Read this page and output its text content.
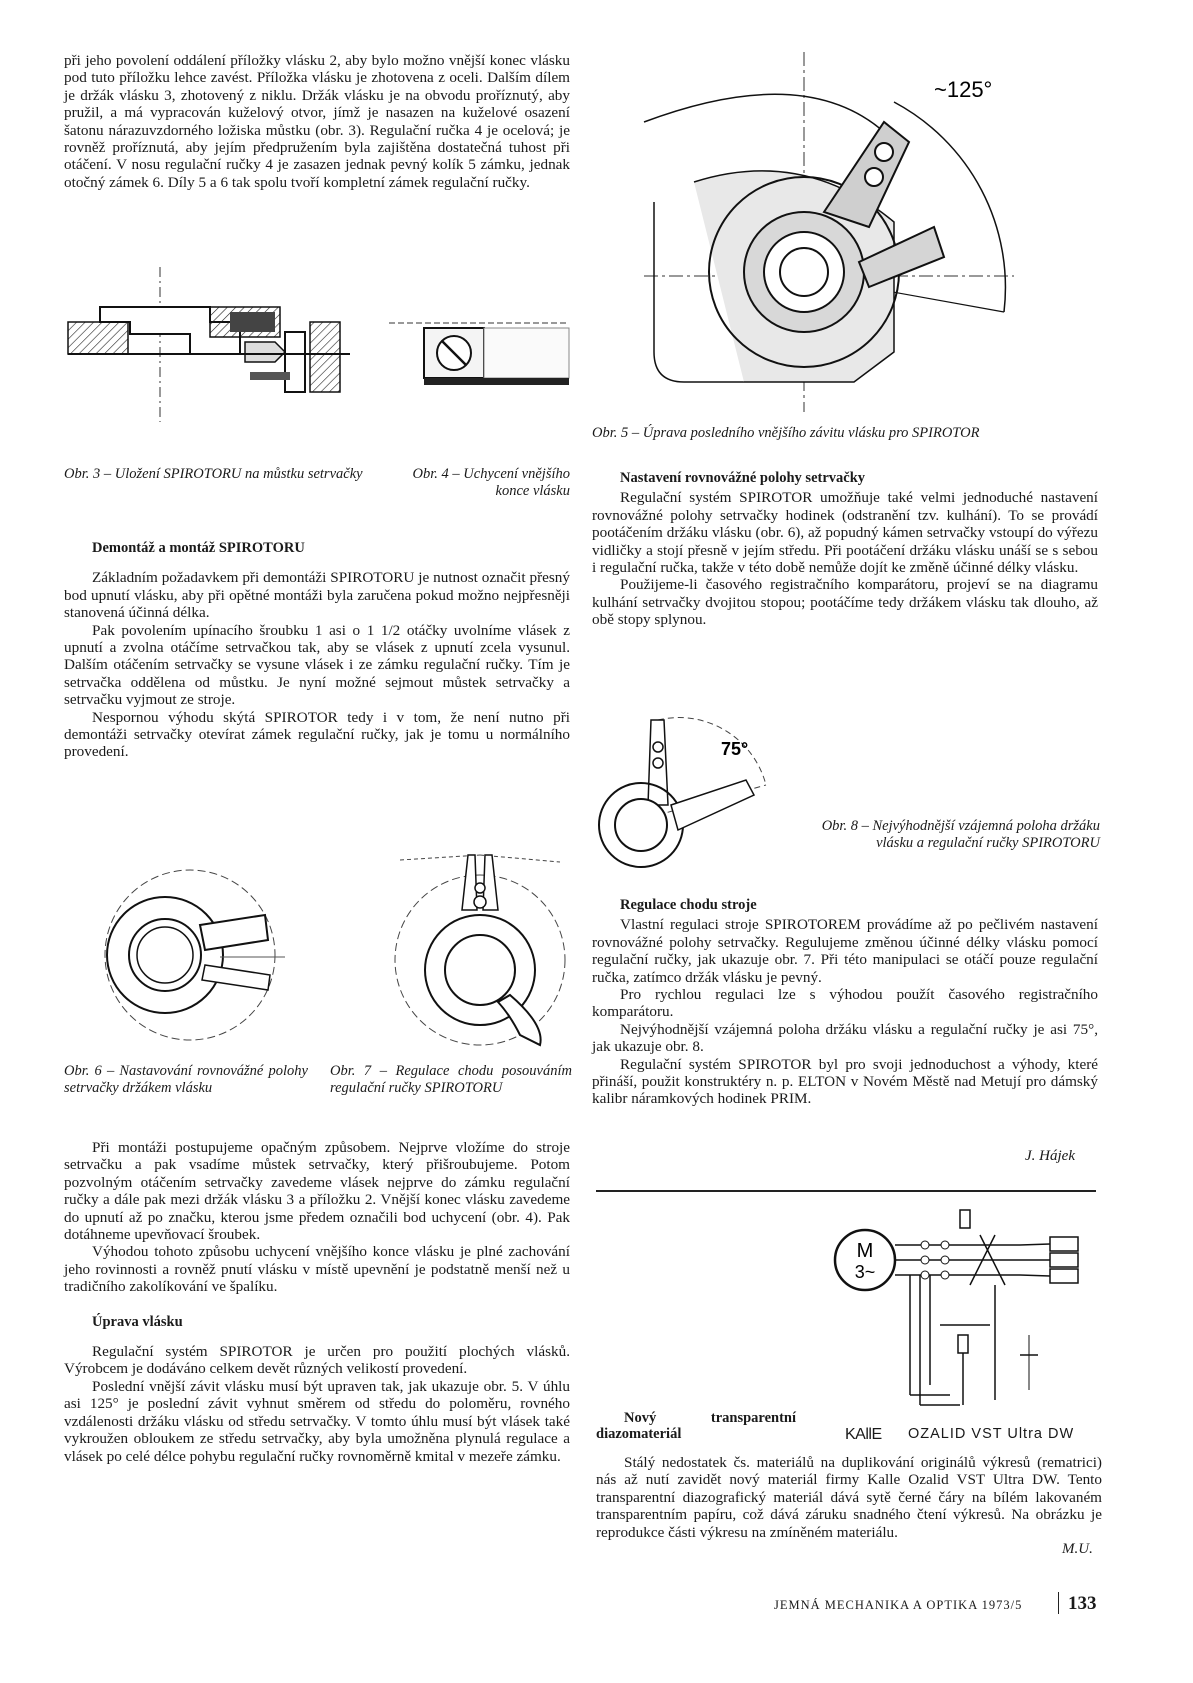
při jeho povolení oddálení příložky vlásku 2, aby bylo možno vnější konec vlásku pod tuto příložku lehce zavést. Příložka vlásku je zhotovena z oceli. Dalším dílem je držák vlásku 3, zhotovený z niklu. Držák vlásku je na obvodu proříznutý, aby pružil, a má vypracován kuželový otvor, jímž je nasazen na kuželové osazení šatonu nárazuvzdorného ložiska můstku (obr. 3). Regulační ručka 4 je ocelová; je rovněž proříznutá, aby jejím předpružením byla zajištěna dostatečná tuhost při otáčení. V nosu regulační ručky 4 je zasazen jednak pevný kolík 5 zámku, jednak otočný zámek 6. Díly 5 a 6 tak spolu tvoří kompletní zámek regulační ručky.

Obr. 3 – Uložení SPIROTORU na můstku setrvačky	Obr. 4 – Uchycení vnějšího konce vlásku

Demontáž a montáž SPIROTORU

Základním požadavkem při demontáži SPIROTORU je nutnost označit přesný bod upnutí vlásku, aby při opětné montáži byla zaručena pokud možno nejpřesněji stanovená účinná délka.

Pak povolením upínacího šroubku 1 asi o 1 1/2 otáčky uvolníme vlásek z upnutí a zvolna otáčíme setrvačkou tak, aby se vlásek z upnutí zcela vysunul. Dalším otáčením setrvačky se vysune vlásek i ze zámku regulační ručky. Tím je setrvačka oddělena od můstku. Je nyní možné sejmout můstek setrvačky a setrvačku vyjmout ze stroje.

Nespornou výhodu skýtá SPIROTOR tedy i v tom, že není nutno při demontáži setrvačky otevírat zámek regulační ručky, jak je tomu u normálního provedení.

Obr. 6 – Nastavování rovnovážné polohy setrvačky držákem vlásku
Obr. 7 – Regulace chodu posouváním regulační ručky SPIROTORU

Při montáži postupujeme opačným způsobem. Nejprve vložíme do stroje setrvačku a pak vsadíme můstek setrvačky, který přišroubujeme. Potom pozvolným otáčením setrvačky zavedeme vlásek nejprve do zámku regulační ručky a dále pak mezi držák vlásku 3 a příložku 2. Vnější konec vlásku zavedeme do upnutí až po značku, kterou jsme předem označili bod uchycení (obr. 4). Pak dotáhneme upevňovací šroubek.

Výhodou tohoto způsobu uchycení vnějšího konce vlásku je plné zachování jeho rovinnosti a rovněž pnutí vlásku v místě upevnění je podstatně menší než u tradičního zakolíkování ve špalíku.

Úprava vlásku

Regulační systém SPIROTOR je určen pro použití plochých vlásků. Výrobcem je dodáváno celkem devět různých velikostí provedení.

Poslední vnější závit vlásku musí být upraven tak, jak ukazuje obr. 5. V úhlu asi 125° je poslední závit vyhnut směrem od středu do poloměru, rovného vzdálenosti držáku vlásku od středu setrvačky. V tomto úhlu musí být vlásek také vykroužen obloukem ze středu setrvačky, aby byla umožněna plynulá regulace a vlásek po celé délce pohybu regulační ručky rovnoměrně kmital v mezeře zámku.

~125°
Obr. 5 – Úprava posledního vnějšího závitu vlásku pro SPIROTOR

Nastavení rovnovážné polohy setrvačky

Regulační systém SPIROTOR umožňuje také velmi jednoduché nastavení rovnovážné polohy setrvačky hodinek (odstranění tzv. kulhání). To se provádí pootáčením držáku vlásku (obr. 6), až popudný kámen setrvačky vstoupí do výřezu vidličky a stojí přesně v jejím středu. Při pootáčení držáku vlásku unáší se s sebou i regulační ručka, takže v této době nemůže dojít ke změně účinné délky vlásku.

Použijeme-li časového registračního komparátoru, projeví se na diagramu kulhání setrvačky dvojitou stopou; pootáčíme tedy držákem vlásku tak dlouho, až obě stopy splynou.

75°
Obr. 8 – Nejvýhodnější vzájemná poloha držáku vlásku a regulační ručky SPIROTORU

Regulace chodu stroje

Vlastní regulaci stroje SPIROTOREM provádíme až po pečlivém nastavení rovnovážné polohy setrvačky. Regulujeme změnou účinné délky vlásku pomocí regulační ručky, jak ukazuje obr. 7. Při této manipulaci se otáčí pouze regulační ručka, zatímco držák vlásku je pevný.

Pro rychlou regulaci lze s výhodou použít časového registračního komparátoru.

Nejvýhodnější vzájemná poloha držáku vlásku a regulační ručky je asi 75°, jak ukazuje obr. 8.

Regulační systém SPIROTOR byl pro svoji jednoduchost a výhody, které přináší, použit konstruktéry n. p. ELTON v Novém Městě nad Metují pro dámský kalibr náramkových hodinek PRIM.

J. Hájek
M
3~

Nový transparentní diazomateriál	KAllE OZALID VST Ultra DW

Stálý nedostatek čs. materiálů na duplikování originálů výkresů (rematrici) nás až nutí zavidět nový materiál firmy Kalle Ozalid VST Ultra DW. Tento transparentní diazografický materiál dává sytě černé čáry na bílém lakovaném transparentním papíru, což dává záruku snadného čtení výkresů. Na obrázku je reprodukce části výkresu na zmíněném materiálu.

M.U.
JEMNÁ MECHANIKA A OPTIKA 1973/5 133
